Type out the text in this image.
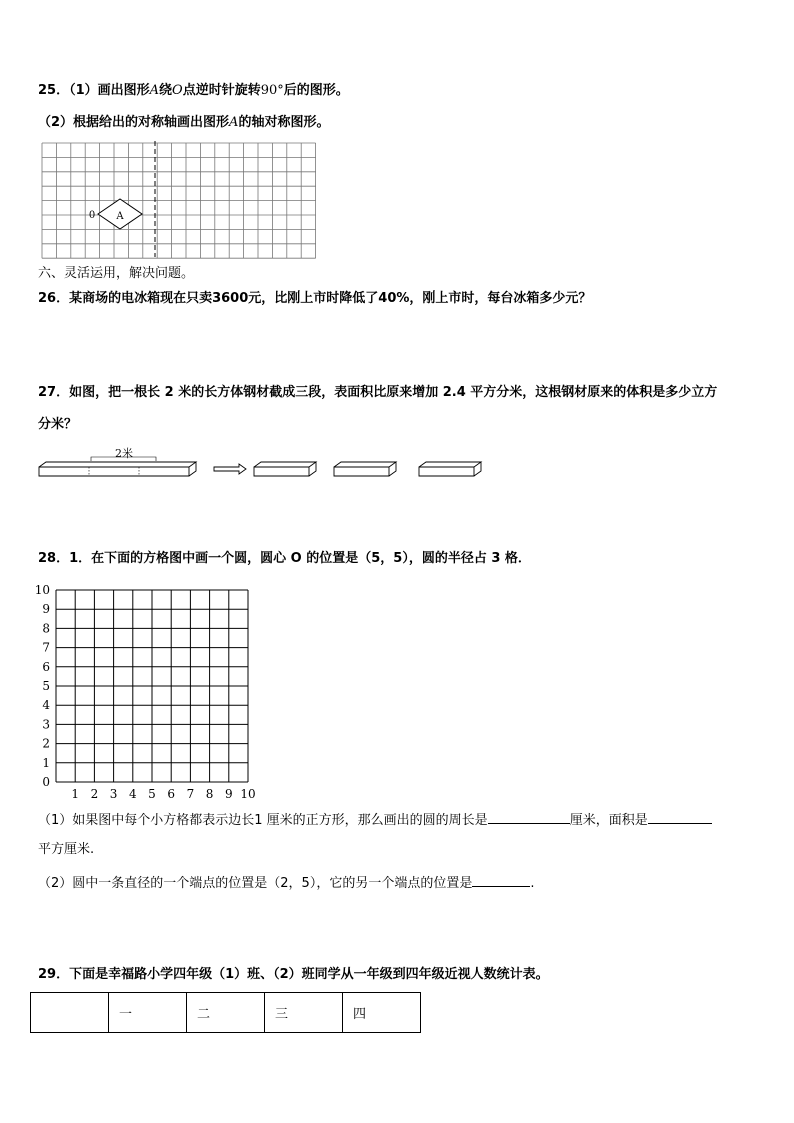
25．（1）画出图形A绕O点逆时针旋转90°后的图形。
（2）根据给出的对称轴画出图形A的轴对称图形。
A
0
六、灵活运用，解决问题。
26．某商场的电冰箱现在只卖3600元，比刚上市时降低了40%，刚上市时，每台冰箱多少元？
27．如图，把一根长 2 米的长方体钢材截成三段，表面积比原来增加 2.4 平方分米，这根钢材原来的体积是多少立方
分米？
2米
28．1．在下面的方格图中画一个圆，圆心 O 的位置是（5，5），圆的半径占 3 格．
10
9
8
7
6
5
4
3
2
1
0
1 2 3 4 5 6 7 8 9 10
（1）如果图中每个小方格都表示边长1 厘米的正方形，那么画出的圆的周长是	厘米，面积是
平方厘米.
（2）圆中一条直径的一个端点的位置是（2，5），它的另一个端点的位置是	.
29．下面是幸福路小学四年级（1）班、（2）班同学从一年级到四年级近视人数统计表。
	一	二	三	四
